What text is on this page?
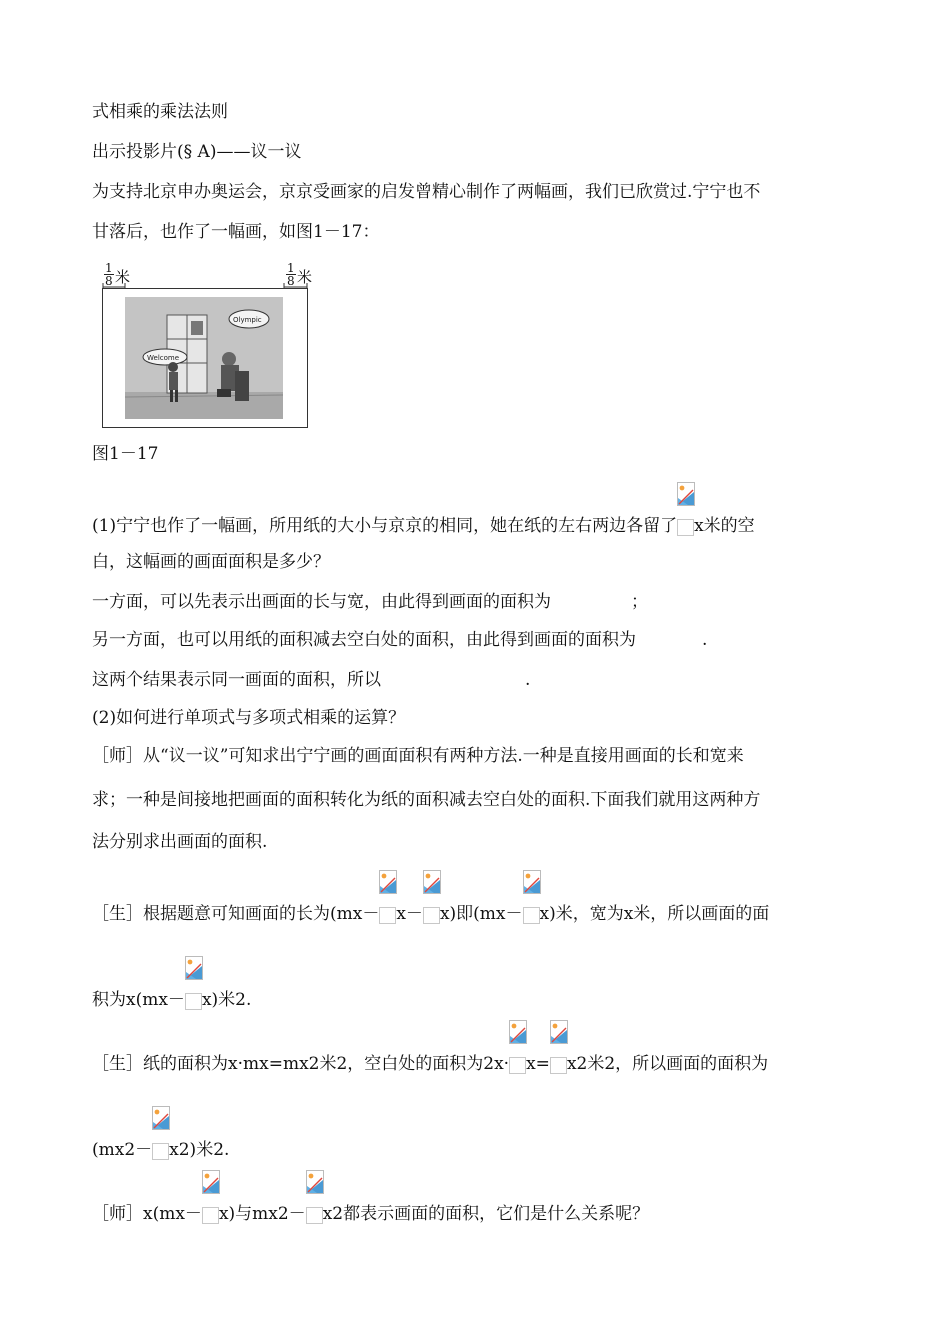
式相乘的乘法法则
出示投影片(§ A)——议一议
为支持北京申办奥运会，京京受画家的启发曾精心制作了两幅画，我们已欣赏过.宁宁也不
甘落后，也作了一幅画，如图1－17：
$\frac{1}{8}$ 米	$\frac{1}{8}$ 米
Welcome
Olympic
图1－17
(1)宁宁也作了一幅画，所用纸的大小与京京的相同，她在纸的左右两边各留了 x米的空
白，这幅画的画面面积是多少？
一方面，可以先表示出画面的长与宽，由此得到画面的面积为	；
另一方面，也可以用纸的面积减去空白处的面积，由此得到画面的面积为	.
这两个结果表示同一画面的面积，所以	.
(2)如何进行单项式与多项式相乘的运算？
［师］从“议一议”可知求出宁宁画的画面面积有两种方法.一种是直接用画面的长和宽来
求；一种是间接地把画面的面积转化为纸的面积减去空白处的面积.下面我们就用这两种方
法分别求出画面的面积.
［生］根据题意可知画面的长为(mx－ x－ x)即(mx－ x)米，宽为x米，所以画面的面
积为x(mx－ x)米2.
［生］纸的面积为x·mx=mx2米2，空白处的面积为2x· x= x2米2，所以画面的面积为
(mx2－ x2)米2.
［师］x(mx－ x)与mx2－ x2都表示画面的面积，它们是什么关系呢？
